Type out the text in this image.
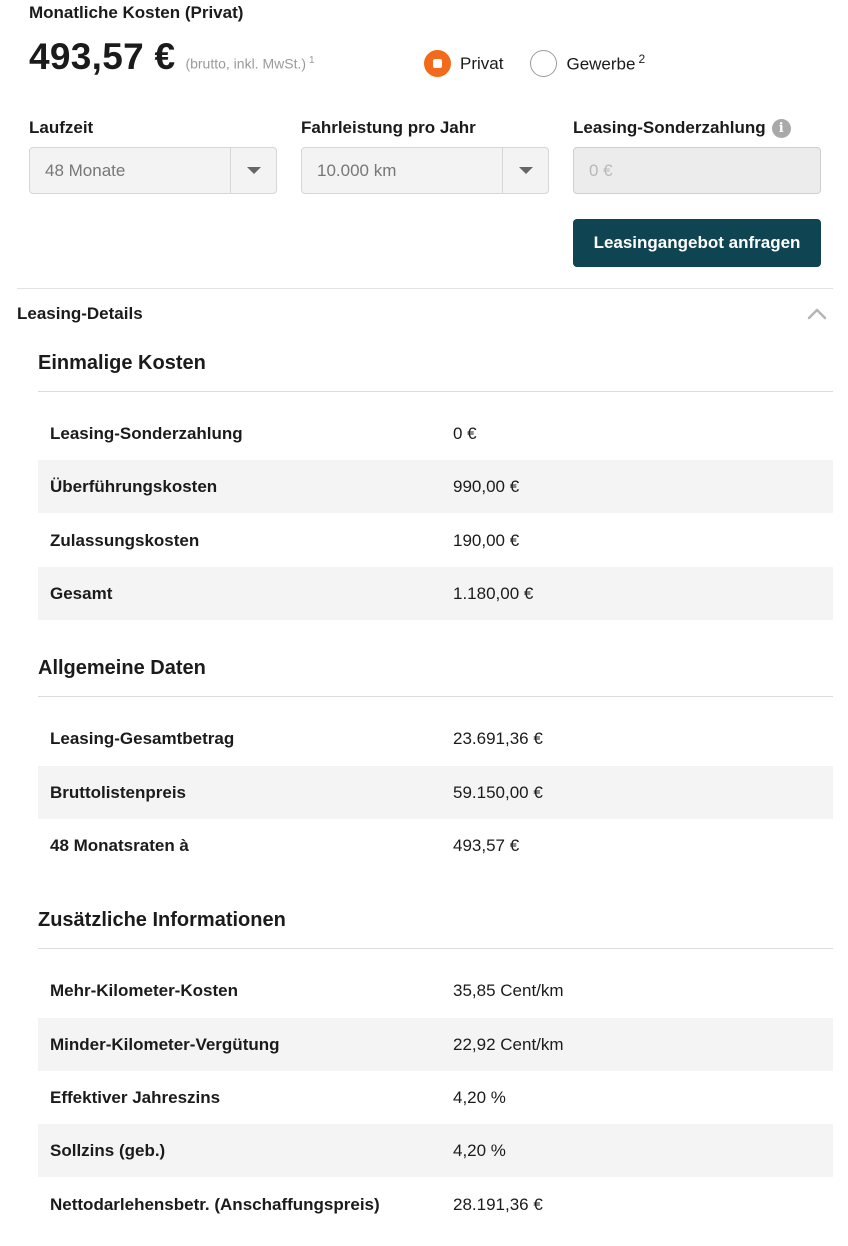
Monatliche Kosten (Privat)
493,57 € (brutto, inkl. MwSt.) $^1$	Privat	Gewerbe $^2$
Laufzeit	Fahrleistung pro Jahr	Leasing-Sonderzahlung	i
48 Monate	10.000 km	0 €
Leasingangebot anfragen
Leasing-Details
Einmalige Kosten
Leasing-Sonderzahlung	0 €
Überführungskosten	990,00 €
Zulassungskosten	190,00 €
Gesamt	1.180,00 €
Allgemeine Daten
Leasing-Gesamtbetrag	23.691,36 €
Bruttolistenpreis	59.150,00 €
48 Monatsraten à	493,57 €
Zusätzliche Informationen
Mehr-Kilometer-Kosten	35,85 Cent/km
Minder-Kilometer-Vergütung	22,92 Cent/km
Effektiver Jahreszins	4,20 %
Sollzins (geb.)	4,20 %
Nettodarlehensbetr. (Anschaffungspreis)	28.191,36 €
